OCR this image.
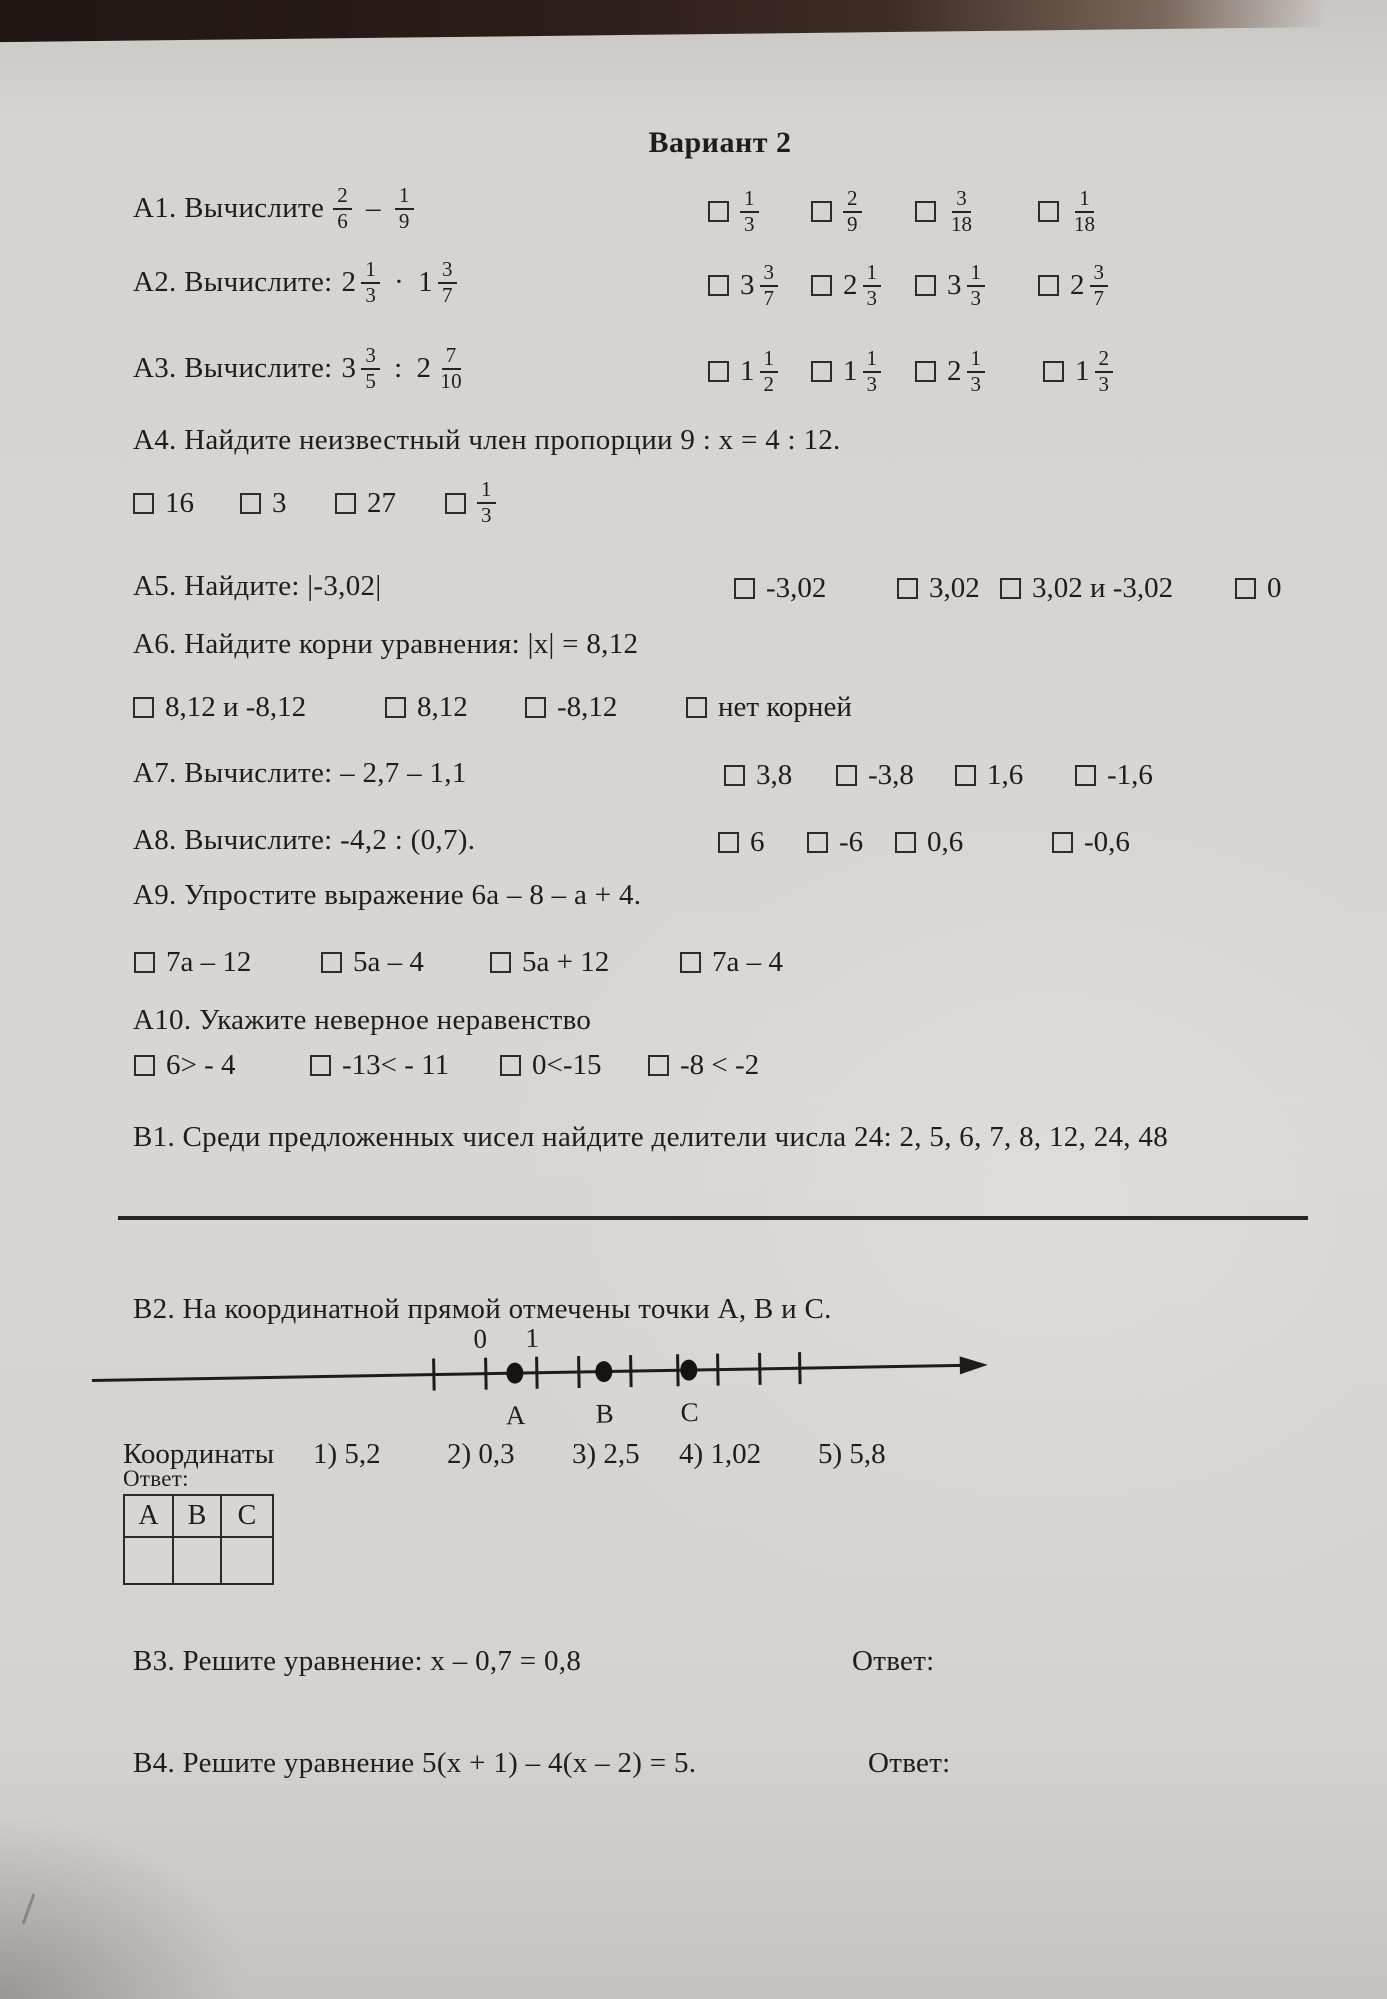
Вариант 2
А1. Вычислите $\frac{2}{6} - \frac{1}{9}$	$\frac{1}{3}$	$\frac{2}{9}$	$\frac{3}{18}$	$\frac{1}{18}$
А2. Вычислите: $2 \frac{1}{3} \cdot 1 \frac{3}{7}$	$3 \frac{3}{7} 2 \frac{1}{3} 3 \frac{1}{3}$	$2 \frac{3}{7}$
А3. Вычислите: $3 \frac{3}{5}$ : $2 \frac{7}{10}$	$1 \frac{1}{2} 1 \frac{1}{3} 2 \frac{1}{3}$	$1 \frac{2}{3}$
А4. Найдите неизвестный член пропорции 9 : х = 4 : 12.
16	3	27	$\frac{1}{3}$
А5. Найдите: |-3,02|	-3,02	3,02 3,02 и -3,02	0
А6. Найдите корни уравнения: |х| = 8,12
8,12 и -8,12	8,12	-8,12	нет корней
А7. Вычислите: – 2,7 – 1,1	3,8	-3,8	1,6	-1,6
А8. Вычислите: -4,2 : (0,7).	6	-6 0,6	-0,6
А9. Упростите выражение 6а – 8 – а + 4.
7а – 12	5а – 4	5а + 12	7а – 4
А10. Укажите неверное неравенство
6> - 4	-13< - 11	0<-15	-8 < -2
В1. Среди предложенных чисел найдите делители числа 24: 2, 5, 6, 7, 8, 12, 24, 48
В2. На координатной прямой отмечены точки А, В и С.
0 1
А	В С
Координаты 1) 5,2 2) 0,3 3) 2,5 4) 1,02 5) 5,8
Ответ:
А	В	С
В3. Решите уравнение: х – 0,7 = 0,8	Ответ:
В4. Решите уравнение 5(х + 1) – 4(х – 2) = 5.	Ответ:
